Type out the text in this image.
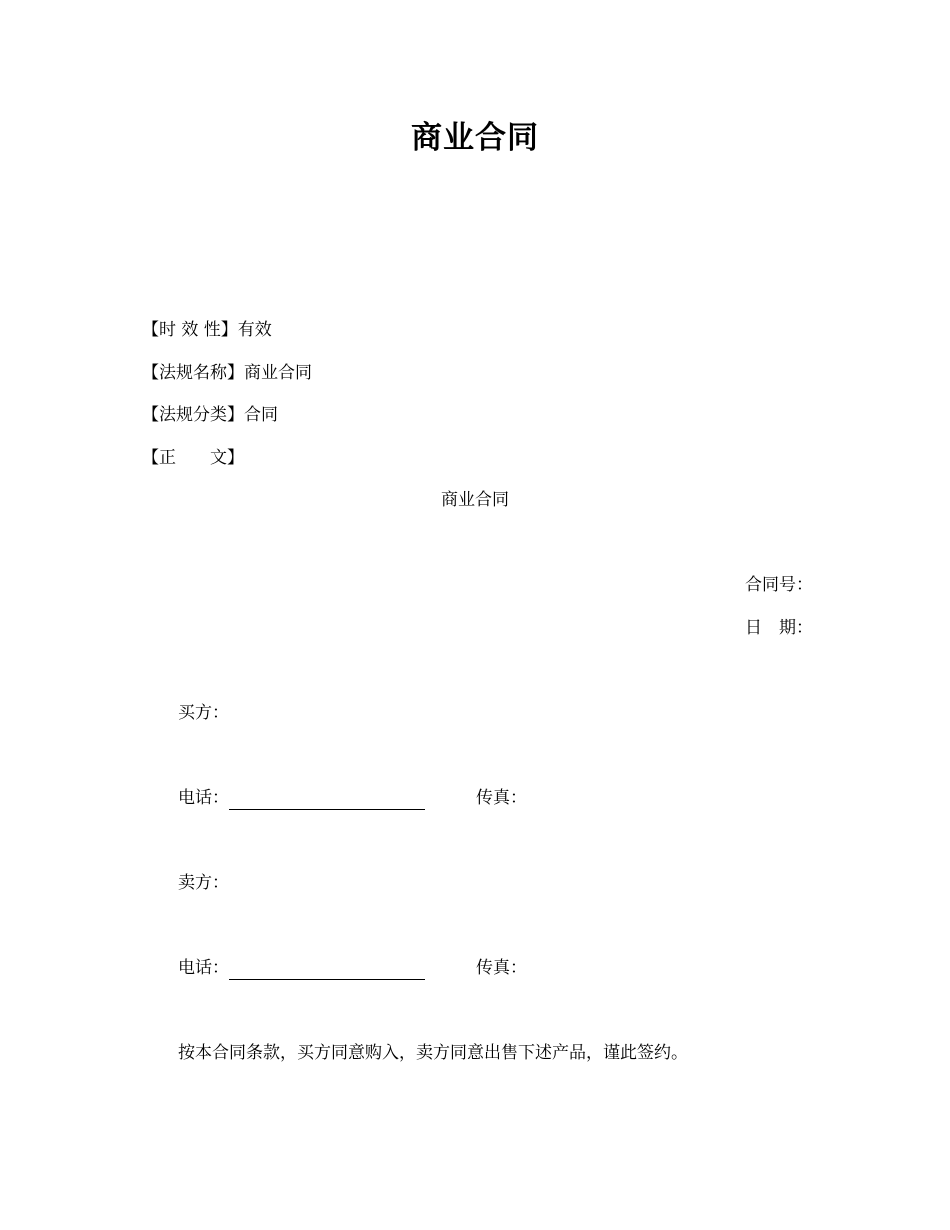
商业合同
【时 效 性】有效
【法规名称】商业合同
【法规分类】合同
【正　　文】
商业合同
合同号：
日　期：
买方：
电话：	传真：
卖方：
电话：	传真：
按本合同条款，买方同意购入，卖方同意出售下述产品，谨此签约。
